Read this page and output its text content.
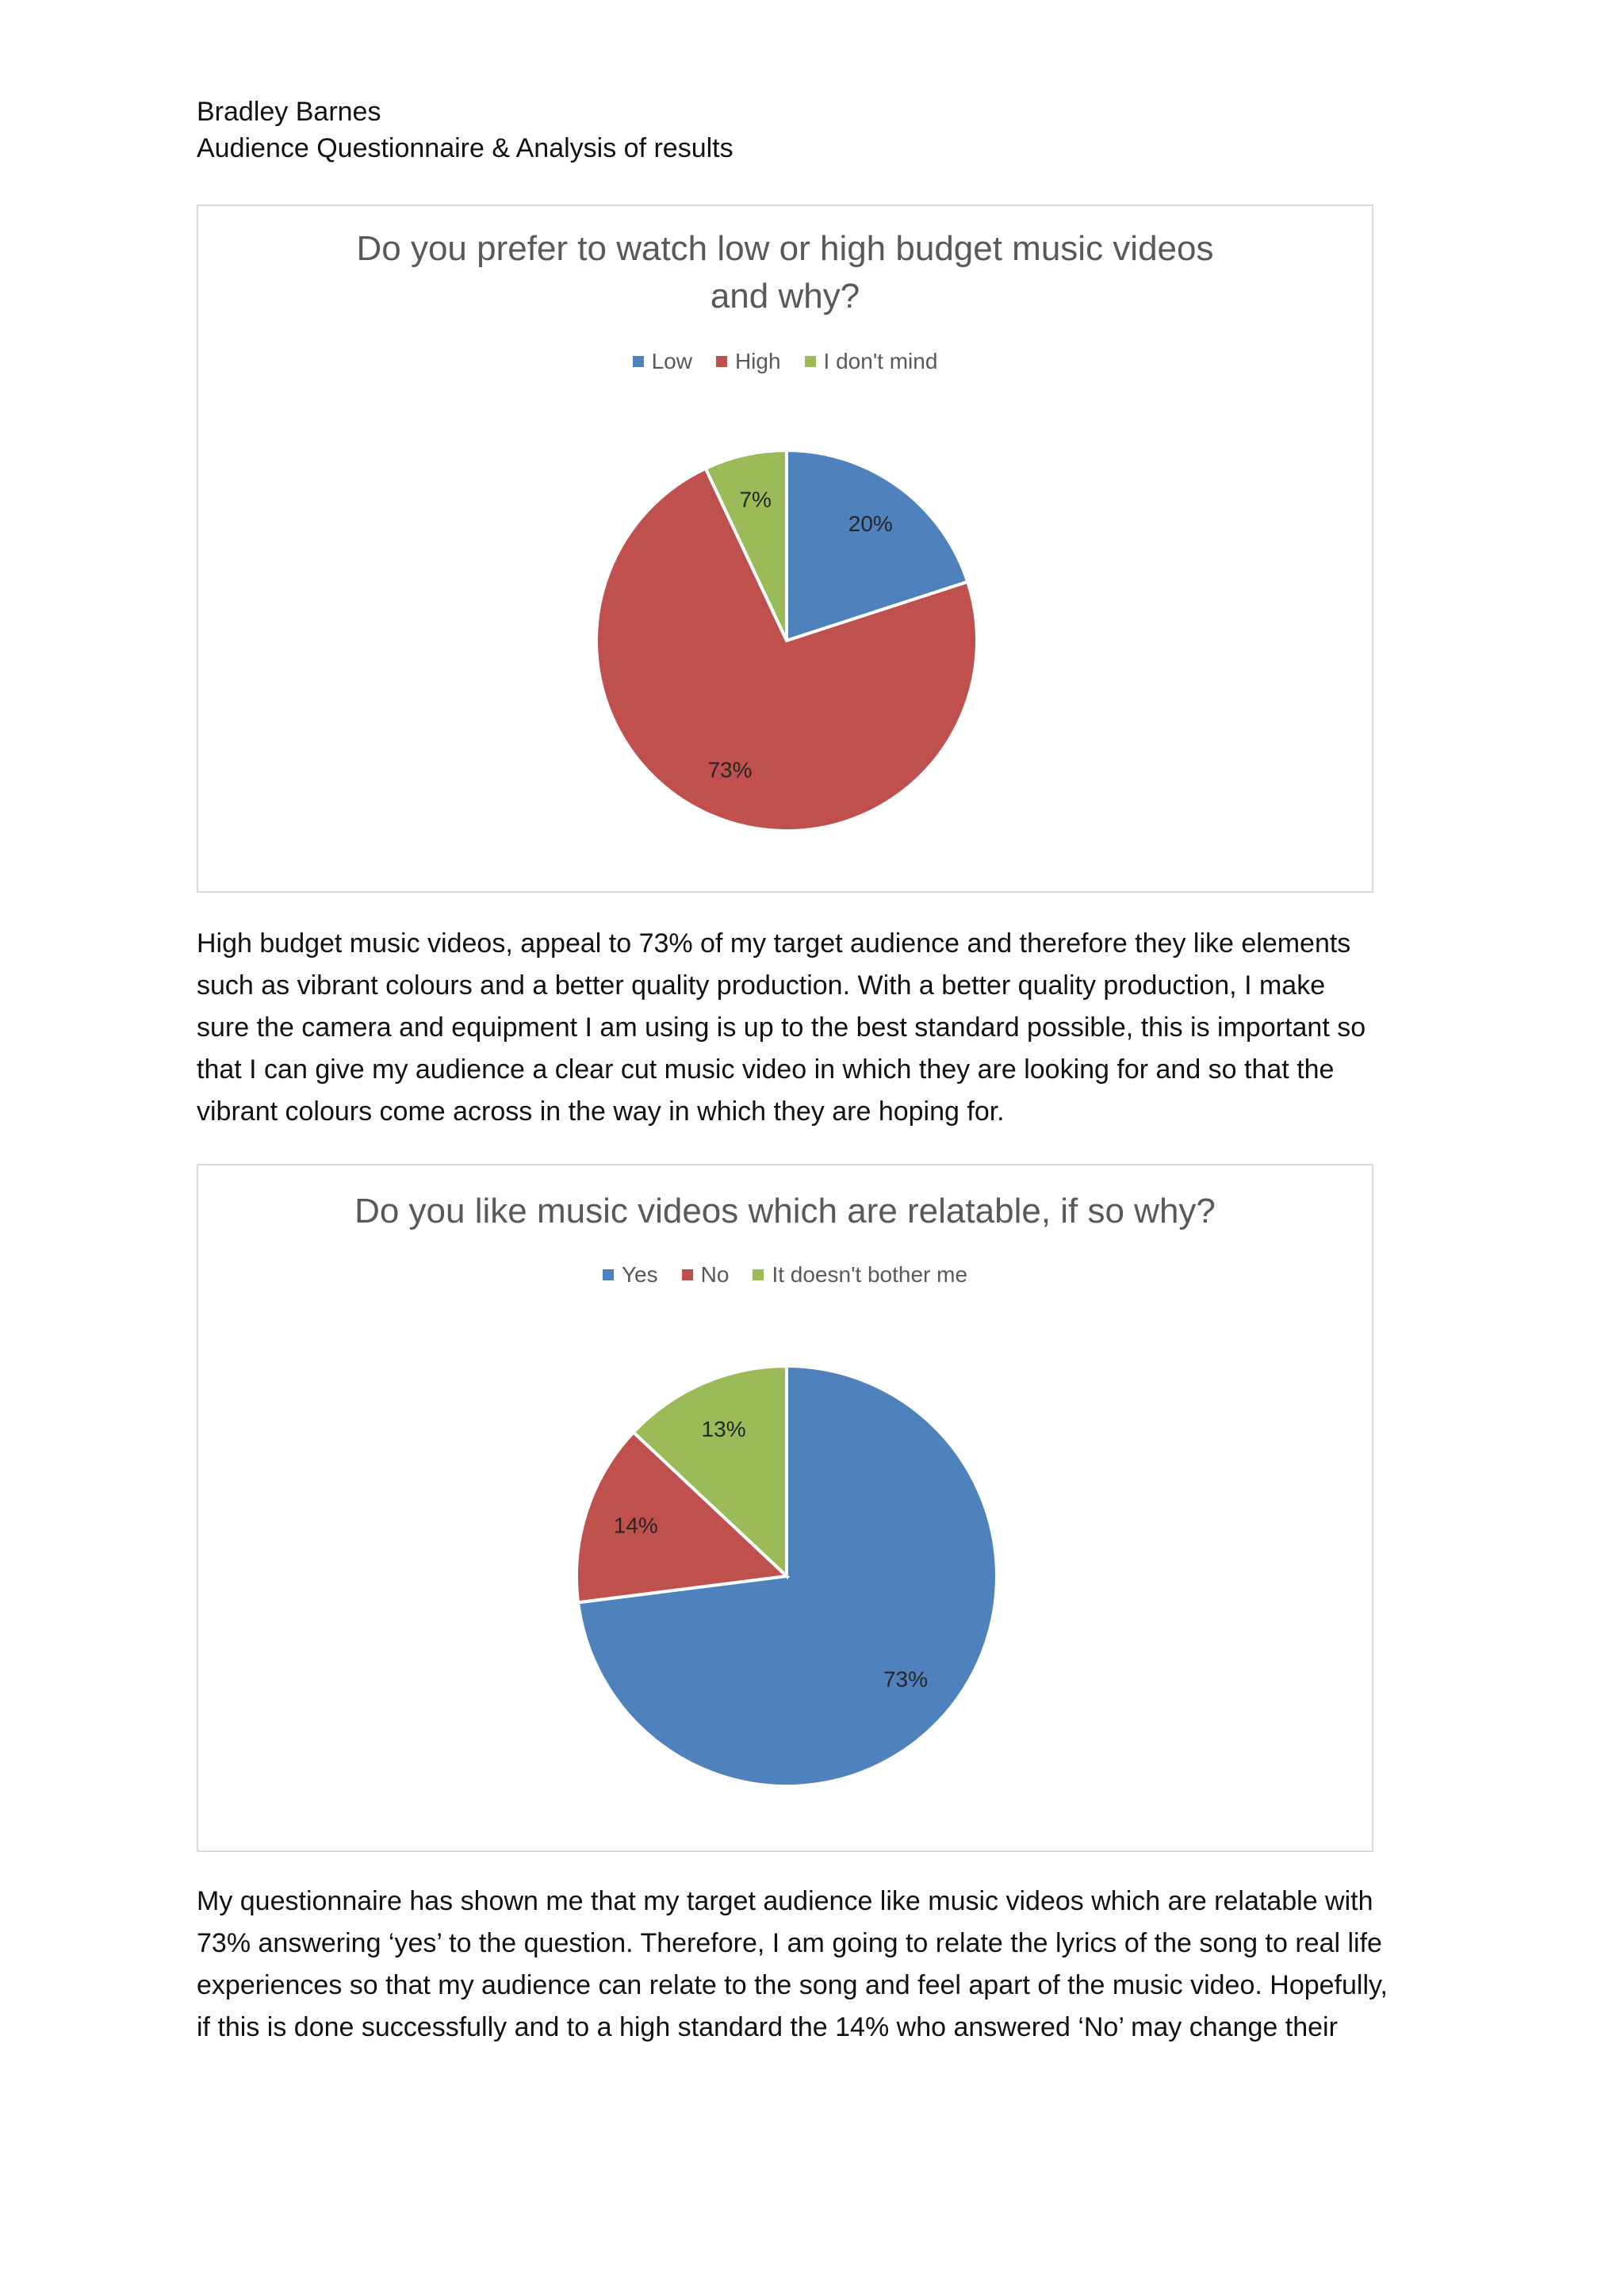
Bradley Barnes
Audience Questionnaire & Analysis of results
Do you prefer to watch low or high budget music videos
and why?
Low High I don't mind
20%
73%
7%
High budget music videos, appeal to 73% of my target audience and therefore they like elements
such as vibrant colours and a better quality production. With a better quality production, I make
sure the camera and equipment I am using is up to the best standard possible, this is important so
that I can give my audience a clear cut music video in which they are looking for and so that the
vibrant colours come across in the way in which they are hoping for.
Do you like music videos which are relatable, if so why?
Yes No It doesn't bother me
73%
14%
13%
My questionnaire has shown me that my target audience like music videos which are relatable with
73% answering ‘yes’ to the question. Therefore, I am going to relate the lyrics of the song to real life
experiences so that my audience can relate to the song and feel apart of the music video. Hopefully,
if this is done successfully and to a high standard the 14% who answered ‘No’ may change their
